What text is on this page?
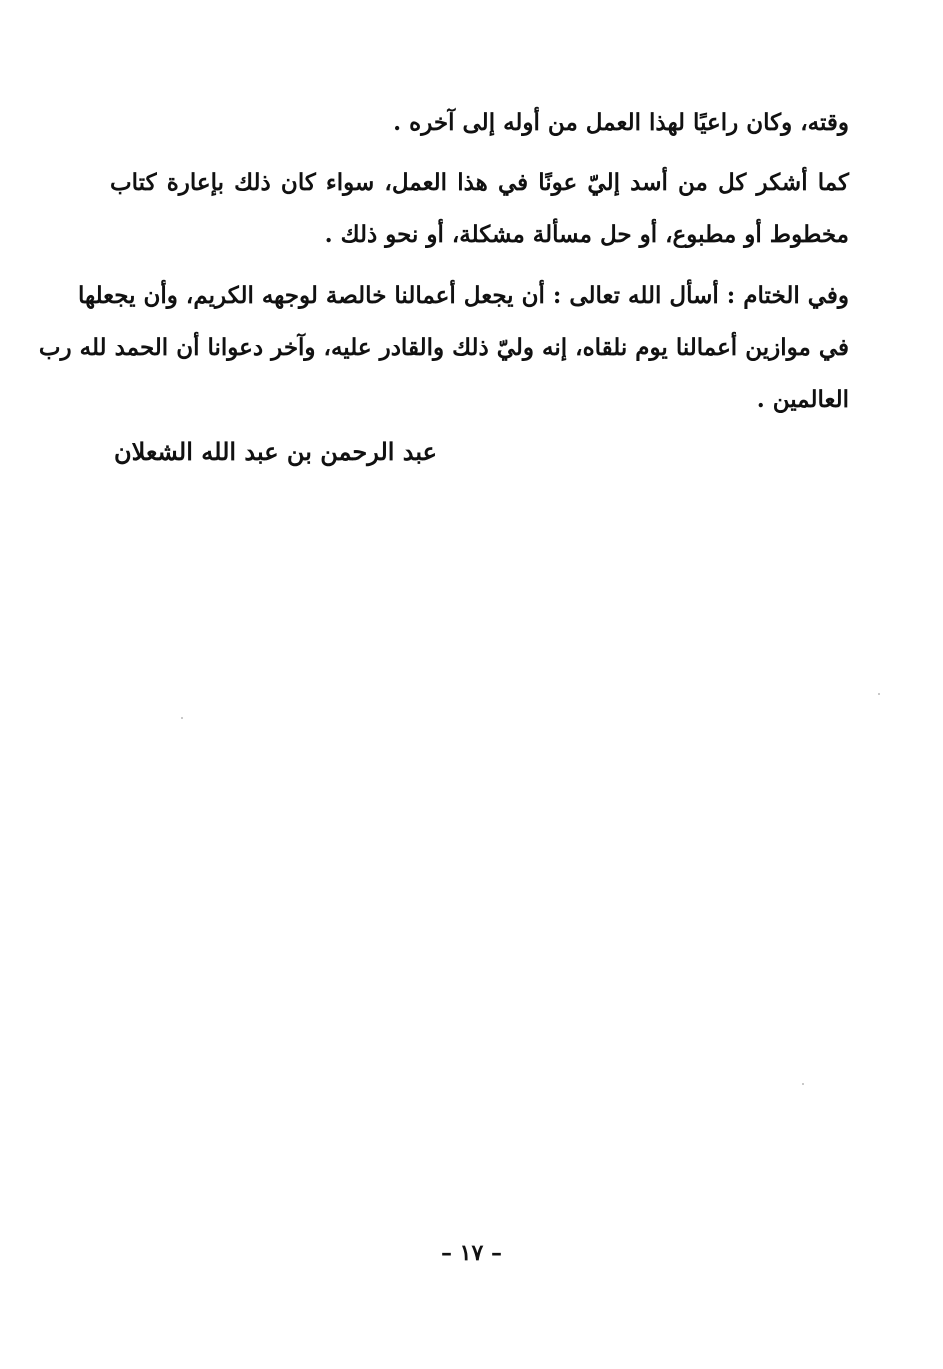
وقته، وكان راعيًا لهذا العمل من أوله إلى آخره .
كما أشكر كل من أسد إليّ عونًا في هذا العمل، سواء كان ذلك بإعارة كتاب
مخطوط أو مطبوع، أو حل مسألة مشكلة، أو نحو ذلك .
وفي الختام : أسأل الله تعالى : أن يجعل أعمالنا خالصة لوجهه الكريم، وأن يجعلها
في موازين أعمالنا يوم نلقاه، إنه وليّ ذلك والقادر عليه، وآخر دعوانا أن الحمد لله رب
العالمين .
عبد الرحمن بن عبد الله الشعلان
– ١٧ –
